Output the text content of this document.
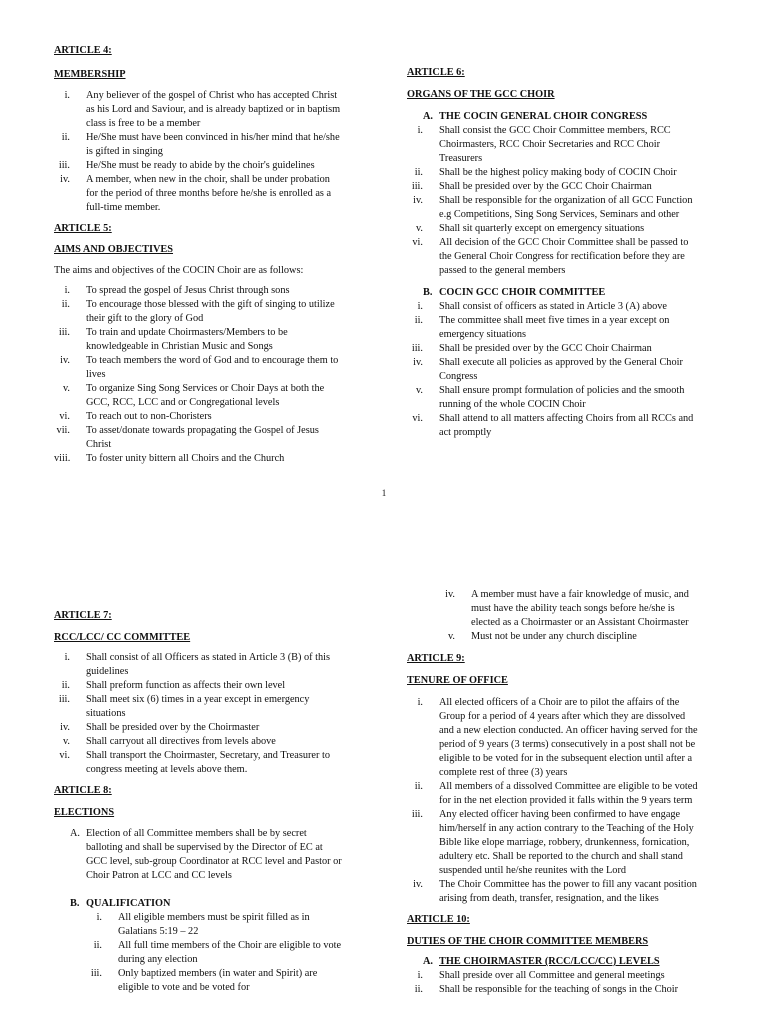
ARTICLE 4:

MEMBERSHIP

i. Any believer of the gospel of Christ who has accepted Christ
as his Lord and Saviour, and is already baptized or in baptism
class is free to be a member
ii. He/She must have been convinced in his/her mind that he/she
is gifted in singing
iii. He/She must be ready to abide by the choir's guidelines
iv. A member, when new in the choir, shall be under probation
for the period of three months before he/she is enrolled as a
full-time member.

ARTICLE 5:

AIMS AND OBJECTIVES

The aims and objectives of the COCIN Choir are as follows:

i. To spread the gospel of Jesus Christ through sons
ii. To encourage those blessed with the gift of singing to utilize
their gift to the glory of God
iii. To train and update Choirmasters/Members to be
knowledgeable in Christian Music and Songs
iv. To teach members the word of God and to encourage them to
lives
v. To organize Sing Song Services or Choir Days at both the
GCC, RCC, LCC and or Congregational levels
vi. To reach out to non-Choristers
vii. To asset/donate towards propagating the Gospel of Jesus
Christ
viii. To foster unity bittern all Choirs and the Church

ARTICLE 6:

ORGANS OF THE GCC CHOIR

A. THE COCIN GENERAL CHOIR CONGRESS

i. Shall consist the GCC Choir Committee members, RCC
Choirmasters, RCC Choir Secretaries and RCC Choir
Treasurers
ii. Shall be the highest policy making body of COCIN Choir
iii. Shall be presided over by the GCC Choir Chairman
iv. Shall be responsible for the organization of all GCC Function
e.g Competitions, Sing Song Services, Seminars and other
v. Shall sit quarterly except on emergency situations
vi. All decision of the GCC Choir Committee shall be passed to
the General Choir Congress for rectification before they are
passed to the general members

B. COCIN GCC CHOIR COMMITTEE

i. Shall consist of officers as stated in Article 3 (A) above
ii. The committee shall meet five times in a year except on
emergency situations
iii. Shall be presided over by the GCC Choir Chairman
iv. Shall execute all policies as approved by the General Choir
Congress
v. Shall ensure prompt formulation of policies and the smooth
running of the whole COCIN Choir
vi. Shall attend to all matters affecting Choirs from all RCCs and
act promptly
1

ARTICLE 7:

RCC/LCC/ CC COMMITTEE

i. Shall consist of all Officers as stated in Article 3 (B) of this
guidelines
ii. Shall preform function as affects their own level
iii. Shall meet six (6) times in a year except in emergency
situations
iv. Shall be presided over by the Choirmaster
v. Shall carryout all directives from levels above
vi. Shall transport the Choirmaster, Secretary, and Treasurer to
congress meeting at levels above them.

ARTICLE 8:

ELECTIONS

A. Election of all Committee members shall be by secret
balloting and shall be supervised by the Director of EC at
GCC level, sub-group Coordinator at RCC level and Pastor or
Choir Patron at LCC and CC levels

B. QUALIFICATION

i. All eligible members must be spirit filled as in
Galatians 5:19 – 22
ii. All full time members of the Choir are eligible to vote
during any election
iii. Only baptized members (in water and Spirit) are
eligible to vote and be voted for
iv. A member must have a fair knowledge of music, and
must have the ability teach songs before he/she is
elected as a Choirmaster or an Assistant Choirmaster
v. Must not be under any church discipline

ARTICLE 9:

TENURE OF OFFICE

i. All elected officers of a Choir are to pilot the affairs of the
Group for a period of 4 years after which they are dissolved
and a new election conducted. An officer having served for the
period of 9 years (3 terms) consecutively in a post shall not be
eligible to be voted for in the subsequent election until after a
complete rest of three (3) years
ii. All members of a dissolved Committee are eligible to be voted
for in the net election provided it falls within the 9 years term
iii. Any elected officer having been confirmed to have engage
him/herself in any action contrary to the Teaching of the Holy
Bible like elope marriage, robbery, drunkenness, fornication,
adultery etc. Shall be reported to the church and shall stand
suspended until he/she reunites with the Lord
iv. The Choir Committee has the power to fill any vacant position
arising from death, transfer, resignation, and the likes

ARTICLE 10:

DUTIES OF THE CHOIR COMMITTEE MEMBERS

A. THE CHOIRMASTER (RCC/LCC/CC) LEVELS

i. Shall preside over all Committee and general meetings
ii. Shall be responsible for the teaching of songs in the Choir
